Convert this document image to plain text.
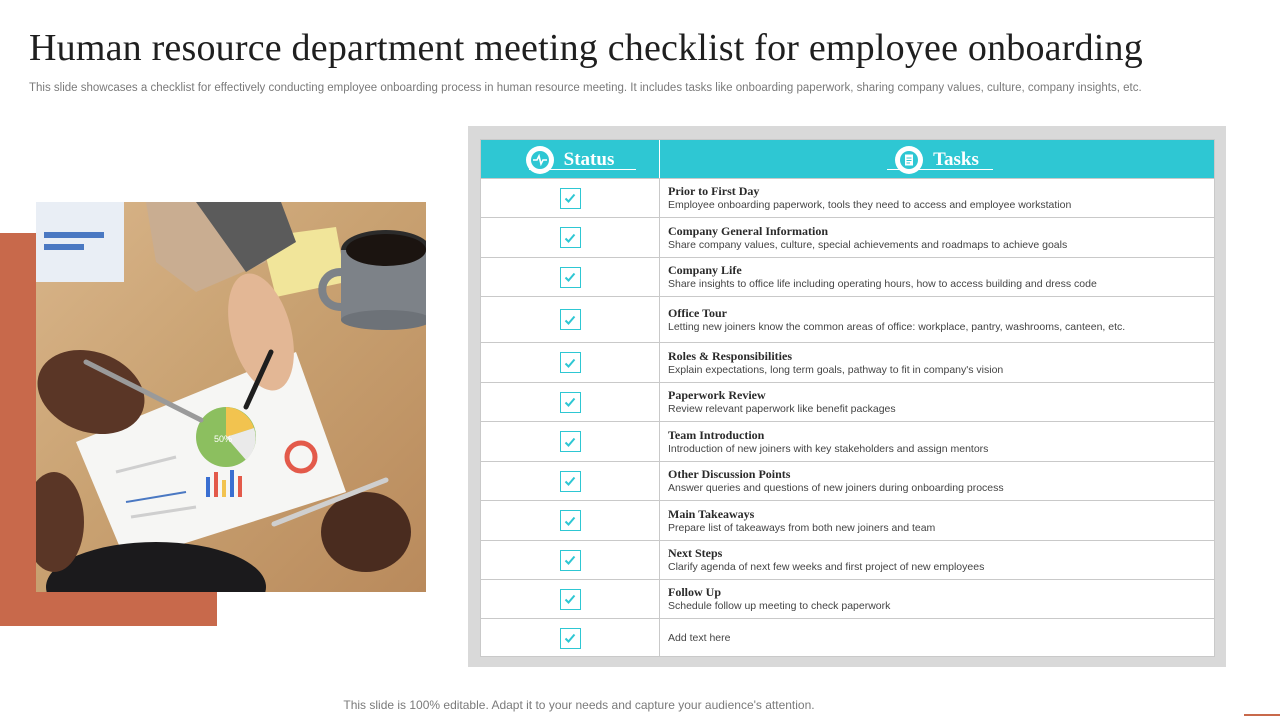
Human resource department meeting checklist for employee onboarding
This slide showcases a checklist for effectively conducting employee onboarding process in human resource meeting. It includes tasks like onboarding paperwork, sharing company values, culture, company insights, etc.
50%
Status	Tasks
Prior to First Day
Employee onboarding paperwork, tools they need to access and employee workstation
Company General Information
Share company values, culture, special achievements and roadmaps to achieve goals
Company Life
Share insights to office life including operating hours, how to access building and dress code
Office Tour
Letting new joiners know the common areas of office: workplace, pantry, washrooms, canteen, etc.
Roles & Responsibilities
Explain expectations, long term goals, pathway to fit in company's vision
Paperwork Review
Review relevant paperwork like benefit packages
Team Introduction
Introduction of new joiners with key stakeholders and assign mentors
Other Discussion Points
Answer queries and questions of new joiners during onboarding process
Main Takeaways
Prepare list of takeaways from both new joiners and team
Next Steps
Clarify agenda of next few weeks and first project of new employees
Follow Up
Schedule follow up meeting to check paperwork
Add text here
This slide is 100% editable. Adapt it to your needs and capture your audience's attention.
